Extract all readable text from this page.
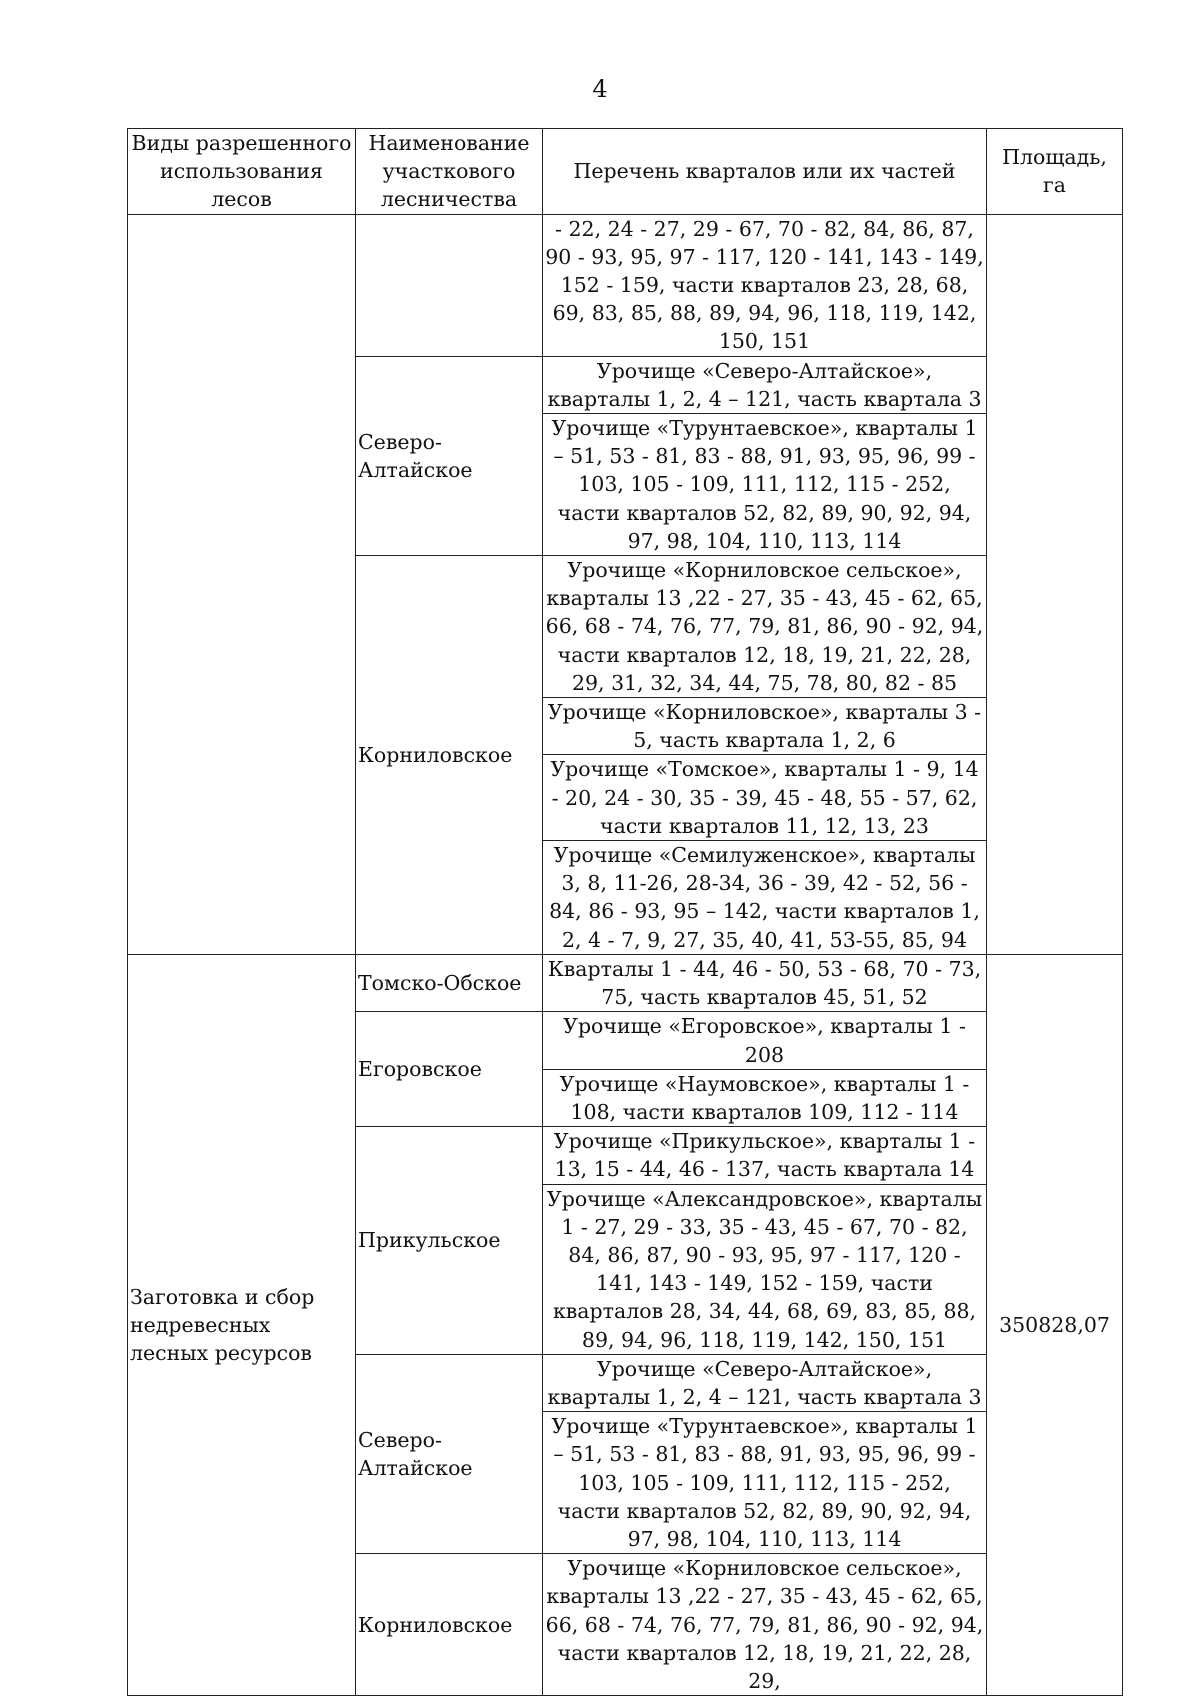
4
Виды разрешенного использования лесов	Наименование участкового лесничества	Перечень кварталов или их частей	Площадь, га
		- 22, 24 - 27, 29 - 67, 70 - 82, 84, 86, 87, 90 - 93, 95, 97 - 117, 120 - 141, 143 - 149, 152 - 159, части кварталов 23, 28, 68, 69, 83, 85, 88, 89, 94, 96, 118, 119, 142, 150, 151	
	Северо-Алтайское	Урочище «Северо-Алтайское», кварталы 1, 2, 4 – 121, часть квартала 3	
		Урочище «Турунтаевское», кварталы 1 – 51, 53 - 81, 83 - 88, 91, 93, 95, 96, 99 - 103, 105 - 109, 111, 112, 115 - 252, части кварталов 52, 82, 89, 90, 92, 94, 97, 98, 104, 110, 113, 114	
	Корниловское	Урочище «Корниловское сельское», кварталы 13 ,22 - 27, 35 - 43, 45 - 62, 65, 66, 68 - 74, 76, 77, 79, 81, 86, 90 - 92, 94, части кварталов 12, 18, 19, 21, 22, 28, 29, 31, 32, 34, 44, 75, 78, 80, 82 - 85	
		Урочище «Корниловское», кварталы 3 - 5, часть квартала 1, 2, 6	
		Урочище «Томское», кварталы 1 - 9, 14 - 20, 24 - 30, 35 - 39, 45 - 48, 55 - 57, 62, части кварталов 11, 12, 13, 23	
		Урочище «Семилуженское», кварталы 3, 8, 11-26, 28-34, 36 - 39, 42 - 52, 56 - 84, 86 - 93, 95 – 142, части кварталов 1, 2, 4 - 7, 9, 27, 35, 40, 41, 53-55, 85, 94	
Заготовка и сбор недревесных лесных ресурсов	Томско-Обское	Кварталы 1 - 44, 46 - 50, 53 - 68, 70 - 73, 75, часть кварталов 45, 51, 52	350828,07
	Егоровское	Урочище «Егоровское», кварталы 1 - 208	
		Урочище «Наумовское», кварталы 1 - 108, части кварталов 109, 112 - 114	
	Прикульское	Урочище «Прикульское», кварталы 1 - 13, 15 - 44, 46 - 137, часть квартала 14	
		Урочище «Александровское», кварталы 1 - 27, 29 - 33, 35 - 43, 45 - 67, 70 - 82, 84, 86, 87, 90 - 93, 95, 97 - 117, 120 - 141, 143 - 149, 152 - 159, части кварталов 28, 34, 44, 68, 69, 83, 85, 88, 89, 94, 96, 118, 119, 142, 150, 151	
	Северо-Алтайское	Урочище «Северо-Алтайское», кварталы 1, 2, 4 – 121, часть квартала 3	
		Урочище «Турунтаевское», кварталы 1 – 51, 53 - 81, 83 - 88, 91, 93, 95, 96, 99 - 103, 105 - 109, 111, 112, 115 - 252, части кварталов 52, 82, 89, 90, 92, 94, 97, 98, 104, 110, 113, 114	
	Корниловское	Урочище «Корниловское сельское», кварталы 13 ,22 - 27, 35 - 43, 45 - 62, 65, 66, 68 - 74, 76, 77, 79, 81, 86, 90 - 92, 94, части кварталов 12, 18, 19, 21, 22, 28, 29,	
